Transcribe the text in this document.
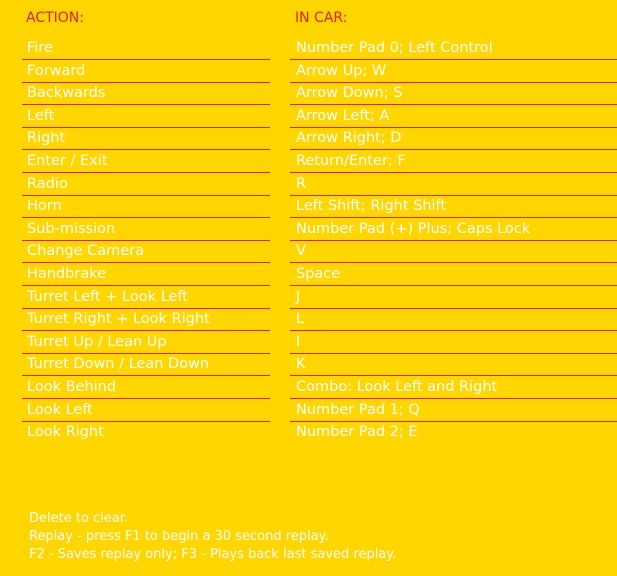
ACTION:	IN CAR:
Fire	Number Pad 0; Left Control
Forward	Arrow Up; W
Backwards	Arrow Down; S
Left	Arrow Left; A
Right	Arrow Right; D
Enter / Exit	Return/Enter; F
Radio	R
Horn	Left Shift; Right Shift
Sub-mission	Number Pad (+) Plus; Caps Lock
Change Camera	V
Handbrake	Space
Turret Left + Look Left	J
Turret Right + Look Right	L
Turret Up / Lean Up	I
Turret Down / Lean Down	K
Look Behind	Combo: Look Left and Right
Look Left	Number Pad 1; Q
Look Right	Number Pad 2; E
Delete to clear.
Replay - press F1 to begin a 30 second replay.
F2 - Saves replay only; F3 - Plays back last saved replay.
